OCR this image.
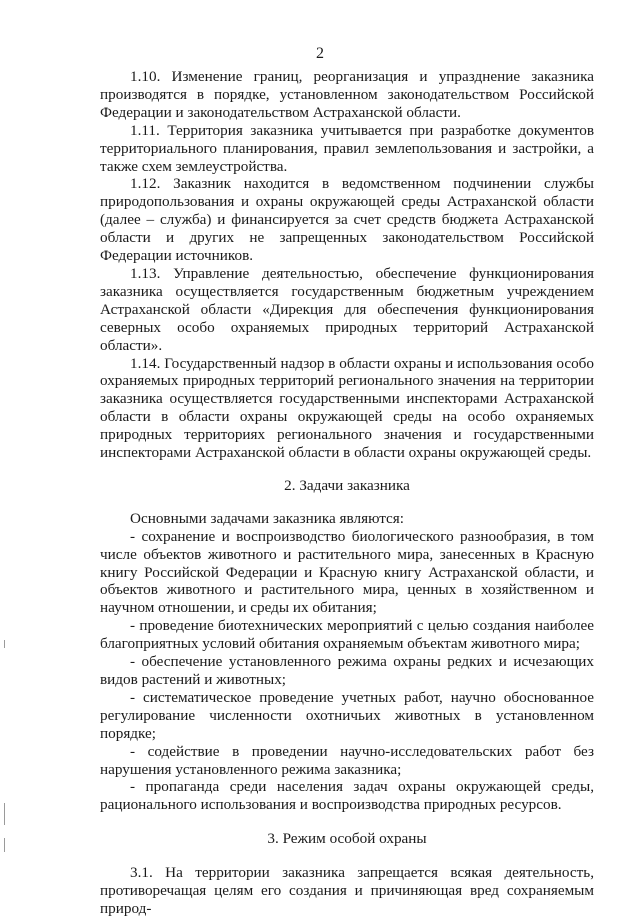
2

1.10. Изменение границ, реорганизация и упразднение заказника производятся в порядке, установленном законодательством Российской Федерации и законодательством Астраханской области.

1.11. Территория заказника учитывается при разработке документов территориального планирования, правил землепользования и застройки, а также схем землеустройства.

1.12. Заказник находится в ведомственном подчинении службы природопользования и охраны окружающей среды Астраханской области (далее – служба) и финансируется за счет средств бюджета Астраханской области и других не запрещенных законодательством Российской Федерации источников.

1.13. Управление деятельностью, обеспечение функционирования заказника осуществляется государственным бюджетным учреждением Астраханской области «Дирекция для обеспечения функционирования северных особо охраняемых природных территорий Астраханской области».

1.14. Государственный надзор в области охраны и использования особо охраняемых природных территорий регионального значения на территории заказника осуществляется государственными инспекторами Астраханской области в области охраны окружающей среды на особо охраняемых природных территориях регионального значения и государственными инспекторами Астраханской области в области охраны окружающей среды.

2. Задачи заказника

Основными задачами заказника являются:

- сохранение и воспроизводство биологического разнообразия, в том числе объектов животного и растительного мира, занесенных в Красную книгу Российской Федерации и Красную книгу Астраханской области, и объектов животного и растительного мира, ценных в хозяйственном и научном отношении, и среды их обитания;

- проведение биотехнических мероприятий с целью создания наиболее благоприятных условий обитания охраняемым объектам животного мира;

- обеспечение установленного режима охраны редких и исчезающих видов растений и животных;

- систематическое проведение учетных работ, научно обоснованное регулирование численности охотничьих животных в установленном порядке;

- содействие в проведении научно-исследовательских работ без нарушения установленного режима заказника;

- пропаганда среди населения задач охраны окружающей среды, рационального использования и воспроизводства природных ресурсов.

3. Режим особой охраны

3.1. На территории заказника запрещается всякая деятельность, противоречащая целям его создания и причиняющая вред сохраняемым природ-
